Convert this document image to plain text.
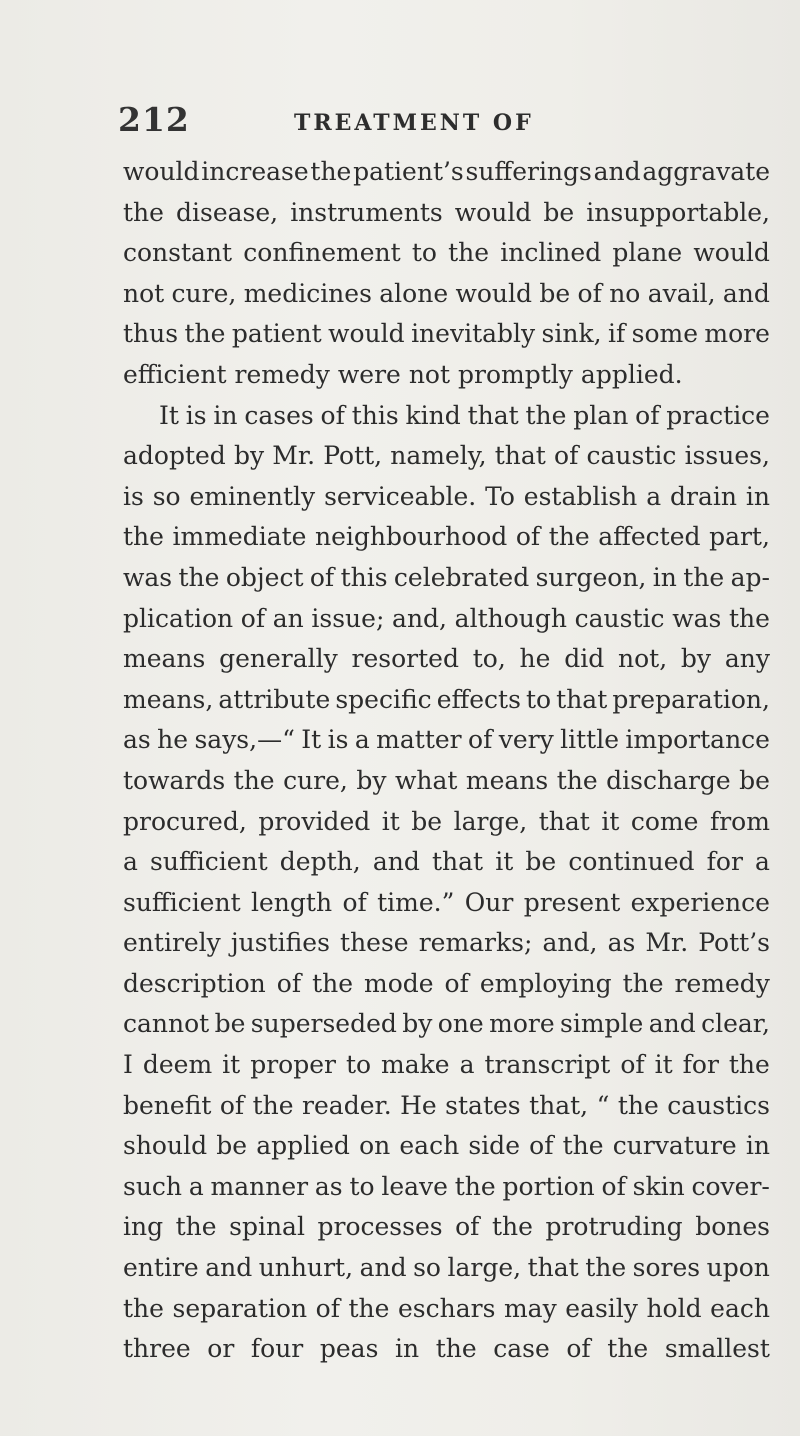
212	TREATMENT OF
would increase the patient’s sufferings and aggravate
the disease, instruments would be insupportable,
constant confinement to the inclined plane would
not cure, medicines alone would be of no avail, and
thus the patient would inevitably sink, if some more
efficient remedy were not promptly applied.
It is in cases of this kind that the plan of practice
adopted by Mr. Pott, namely, that of caustic issues,
is so eminently serviceable. To establish a drain in
the immediate neighbourhood of the affected part,
was the object of this celebrated surgeon, in the ap-
plication of an issue; and, although caustic was the
means generally resorted to, he did not, by any
means, attribute specific effects to that preparation,
as he says,—“ It is a matter of very little importance
towards the cure, by what means the discharge be
procured, provided it be large, that it come from
a sufficient depth, and that it be continued for a
sufficient length of time.” Our present experience
entirely justifies these remarks; and, as Mr. Pott’s
description of the mode of employing the remedy
cannot be superseded by one more simple and clear,
I deem it proper to make a transcript of it for the
benefit of the reader. He states that, “ the caustics
should be applied on each side of the curvature in
such a manner as to leave the portion of skin cover-
ing the spinal processes of the protruding bones
entire and unhurt, and so large, that the sores upon
the separation of the eschars may easily hold each
three or four peas in the case of the smallest
